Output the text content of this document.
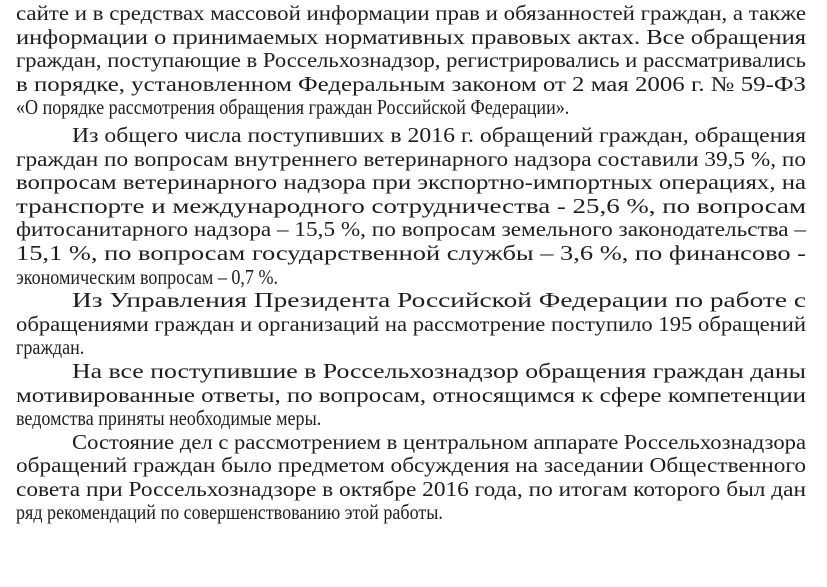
сайте и в средствах массовой информации прав и обязанностей граждан, а также
информации о принимаемых нормативных правовых актах. Все обращения
граждан, поступающие в Россельхознадзор, регистрировались и рассматривались
в порядке, установленном Федеральным законом от 2 мая 2006 г. № 59-ФЗ
«О порядке рассмотрения обращения граждан Российской Федерации».
Из общего числа поступивших в 2016 г. обращений граждан, обращения
граждан по вопросам внутреннего ветеринарного надзора составили 39,5 %, по
вопросам ветеринарного надзора при экспортно-импортных операциях, на
транспорте и международного сотрудничества - 25,6 %, по вопросам
фитосанитарного надзора – 15,5 %, по вопросам земельного законодательства –
15,1 %, по вопросам государственной службы – 3,6 %, по финансово -
экономическим вопросам – 0,7 %.
Из Управления Президента Российской Федерации по работе с
обращениями граждан и организаций на рассмотрение поступило 195 обращений
граждан.
На все поступившие в Россельхознадзор обращения граждан даны
мотивированные ответы, по вопросам, относящимся к сфере компетенции
ведомства приняты необходимые меры.
Состояние дел с рассмотрением в центральном аппарате Россельхознадзора
обращений граждан было предметом обсуждения на заседании Общественного
совета при Россельхознадзоре в октябре 2016 года, по итогам которого был дан
ряд рекомендаций по совершенствованию этой работы.
